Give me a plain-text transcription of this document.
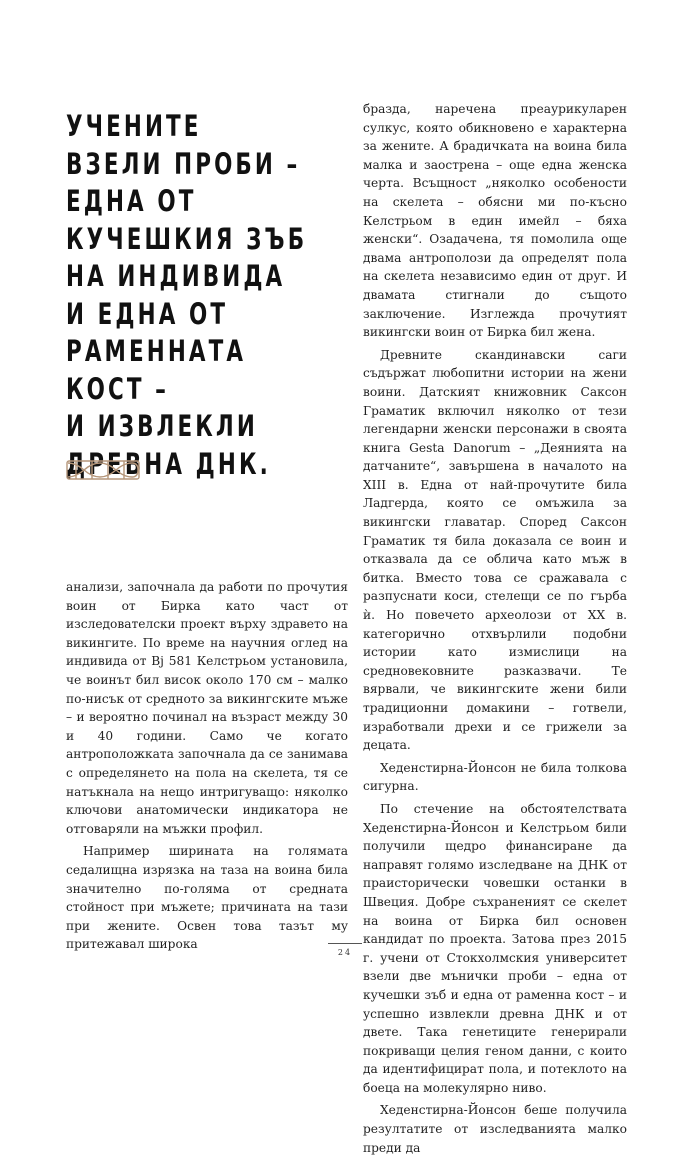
УЧЕНИТЕ
ВЗЕЛИ ПРОБИ –
ЕДНА ОТ
КУЧЕШКИЯ ЗЪБ
НА ИНДИВИДА
И ЕДНА ОТ
РАМЕННАТА
КОСТ –
И ИЗВЛЕКЛИ
ДРЕВНА ДНК.

анализи, започнала да работи по прочутия воин от Бирка като част от изследователски проект върху здравето на викингите. По време на научния оглед на индивида от Bj 581 Келстрьом установила, че воинът бил висок около 170 см – малко по-нисък от средното за викингските мъже – и вероятно починал на възраст между 30 и 40 години. Само че когато антроположката започнала да се занимава с определянето на пола на скелета, тя се натъкнала на нещо интригуващо: няколко ключови анатомически индикатора не отговаряли на мъжки профил.

Например ширината на голямата седалищна изрязка на таза на воина била значително по-голяма от средната стойност при мъжете; причината на тази при жените. Освен това тазът му притежавал широка

бразда, наречена преаурикуларен сулкус, която обикновено е характерна за жените. А брадичката на воина била малка и заострена – още една женска черта. Всъщност „няколко особености на скелета – обясни ми по-късно Келстрьом в един имейл – бяха женски“. Озадачена, тя помолила още двама антрополози да определят пола на скелета независимо един от друг. И двамата стигнали до същото заключение. Изглежда прочутият викингски воин от Бирка бил жена.

Древните скандинавски саги съдържат любопитни истории на жени воини. Датският книжовник Саксон Граматик включил няколко от тези легендарни женски персонажи в своята книга Gesta Danorum – „Деянията на датчаните“, завършена в началото на XIII в. Една от най-прочутите била Ладгерда, която се омъжила за викингски главатар. Според Саксон Граматик тя била доказала се воин и отказвала да се облича като мъж в битка. Вместо това се сражавала с разпуснати коси, стелещи се по гърба ѝ. Но повечето археолози от XX в. категорично отхвърлили подобни истории като измислици на средновековните разказвачи. Те вярвали, че викингските жени били традиционни домакини – готвели, изработвали дрехи и се грижели за децата.

Хеденстирна-Йонсон не била толкова сигурна.

По стечение на обстоятелствата Хеденстирна-Йонсон и Келстрьом били получили щедро финансиране да направят голямо изследване на ДНК от праисторически човешки останки в Швеция. Добре съхраненият се скелет на воина от Бирка бил основен кандидат по проекта. Затова през 2015 г. учени от Стокхолмския университет взели две мънички проби – една от кучешки зъб и една от раменна кост – и успешно извлекли древна ДНК и от двете. Така генетиците генерирали покриващи целия геном данни, с които да идентифицират пола, и потеклото на боеца на молекулярно ниво.

Хеденстирна-Йонсон беше получила резултатите от изследванията малко преди да

24
